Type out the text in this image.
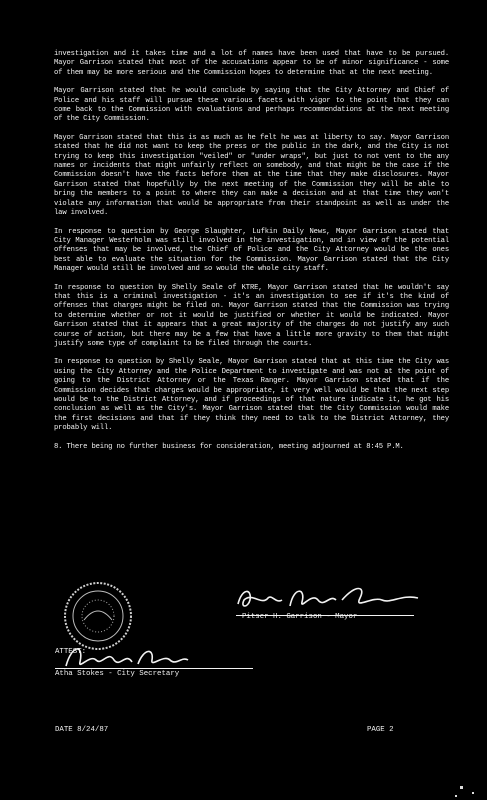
investigation and it takes time and a lot of names have been used that have to be pursued. Mayor Garrison stated that most of the accusations appear to be of minor significance - some of them may be more serious and the Commission hopes to determine that at the next meeting.

Mayor Garrison stated that he would conclude by saying that the City Attorney and Chief of Police and his staff will pursue these various facets with vigor to the point that they can come back to the Commission with evaluations and perhaps recommendations at the next meeting of the City Commission.

Mayor Garrison stated that this is as much as he felt he was at liberty to say. Mayor Garrison stated that he did not want to keep the press or the public in the dark, and the City is not trying to keep this investigation "veiled" or "under wraps", but just to not vent to the any names or incidents that might unfairly reflect on somebody, and that might be the case if the Commission doesn't have the facts before them at the time that they make disclosures. Mayor Garrison stated that hopefully by the next meeting of the Commission they will be able to bring the members to a point to where they can make a decision and at that time they won't violate any information that would be appropriate from their standpoint as well as under the law involved.

In response to question by George Slaughter, Lufkin Daily News, Mayor Garrison stated that City Manager Westerholm was still involved in the investigation, and in view of the potential offenses that may be involved, the Chief of Police and the City Attorney would be the ones best able to evaluate the situation for the Commission. Mayor Garrison stated that the City Manager would still be involved and so would the whole city staff.

In response to question by Shelly Seale of KTRE, Mayor Garrison stated that he wouldn't say that this is a criminal investigation - it's an investigation to see if it's the kind of offenses that charges might be filed on. Mayor Garrison stated that the Commission was trying to determine whether or not it would be justified or whether it would be indicated. Mayor Garrison stated that it appears that a great majority of the charges do not justify any such course of action, but there may be a few that have a little more gravity to them that might justify some type of complaint to be filed through the courts.

In response to question by Shelly Seale, Mayor Garrison stated that at this time the City was using the City Attorney and the Police Department to investigate and was not at the point of going to the District Attorney or the Texas Ranger. Mayor Garrison stated that if the Commission decides that charges would be appropriate, it very well would be that the next step would be to the District Attorney, and if proceedings of that nature indicate it, he got his conclusion as well as the City's. Mayor Garrison stated that the City Commission would make the first decisions and that if they think they need to talk to the District Attorney, they probably will.

8. There being no further business for consideration, meeting adjourned at 8:45 P.M.

Pitser H. Garrison - Mayor
ATTEST:
Atha Stokes - City Secretary
DATE 8/24/87	PAGE 2
